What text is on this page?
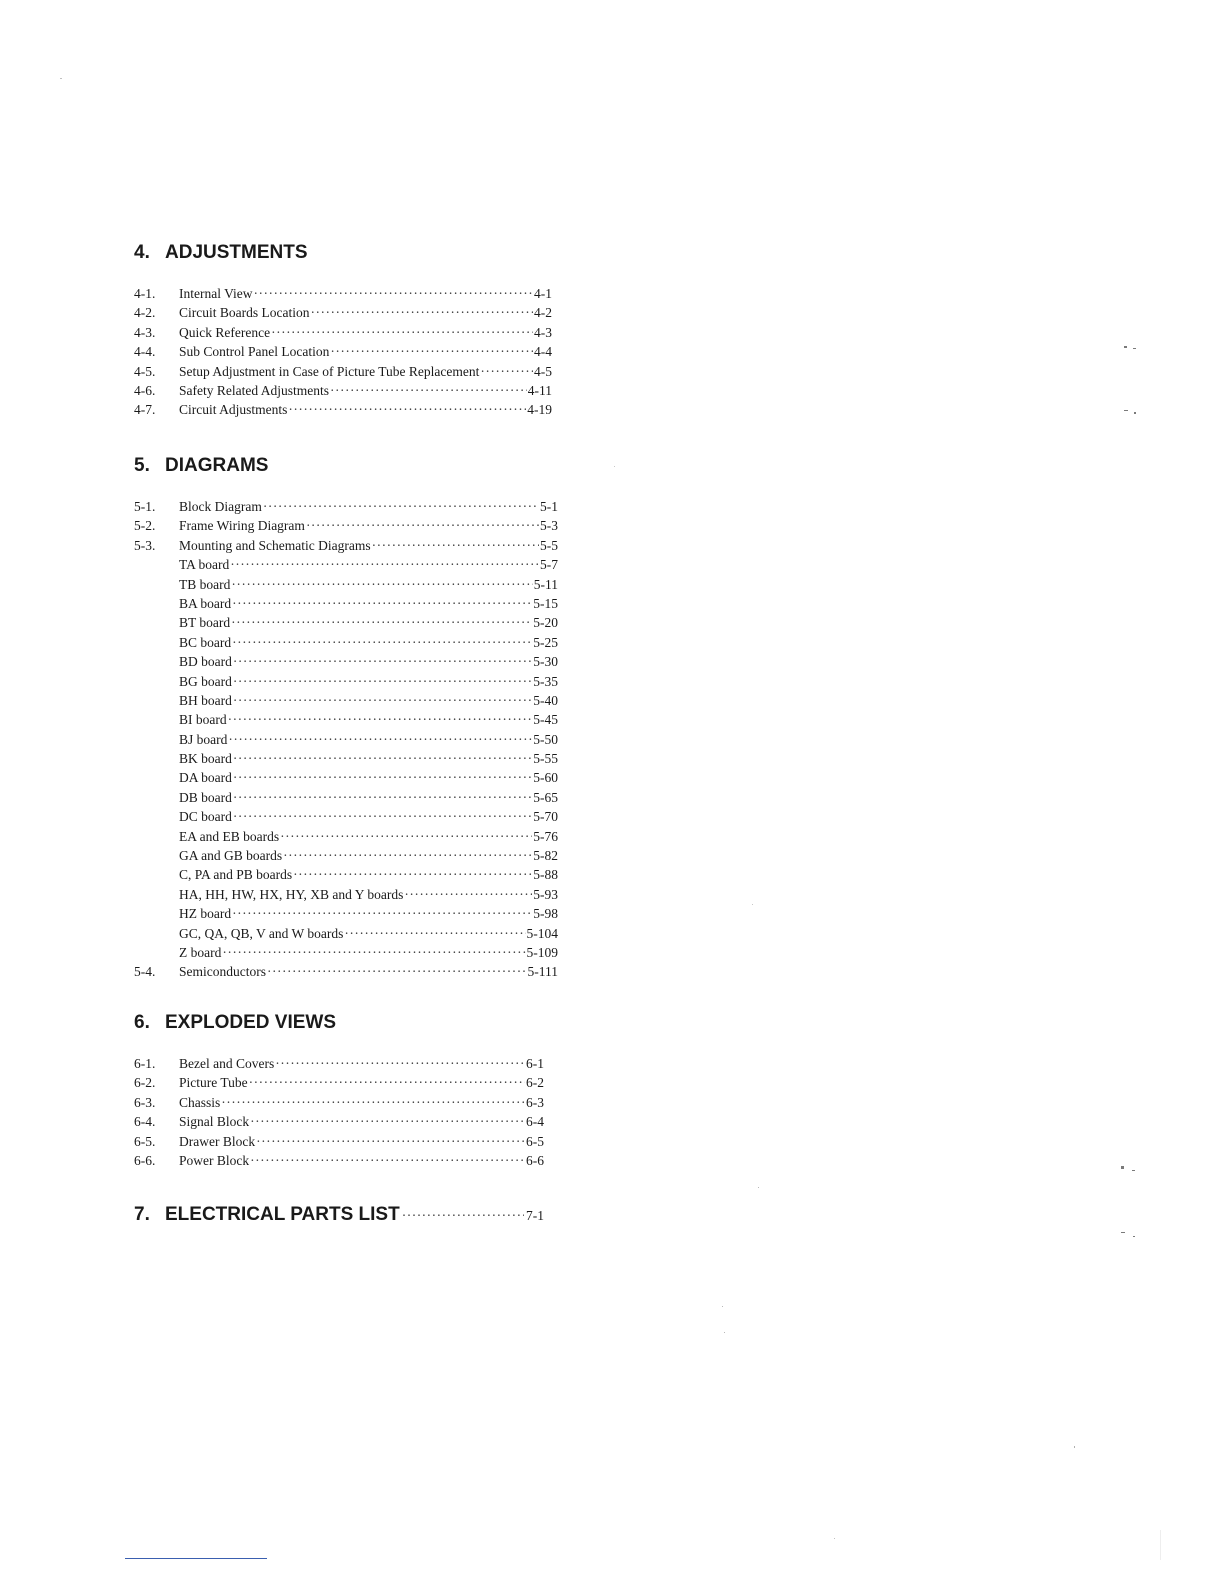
4. ADJUSTMENTS
4-1.	Internal View ·····	4-1
4-2.	Circuit Boards Location ·····	4-2
4-3.	Quick Reference ·····	4-3
4-4.	Sub Control Panel Location ·····	4-4
4-5.	Setup Adjustment in Case of Picture Tube Replacement ·····	4-5
4-6.	Safety Related Adjustments ·····	4-11
4-7.	Circuit Adjustments ·····	4-19
5. DIAGRAMS
5-1.	Block Diagram ·····	5-1
5-2.	Frame Wiring Diagram ·····	5-3
5-3.	Mounting and Schematic Diagrams ·····	5-5
TA board ·····	5-7
TB board ·····	5-11
BA board ·····	5-15
BT board ·····	5-20
BC board ·····	5-25
BD board ·····	5-30
BG board ·····	5-35
BH board ·····	5-40
BI board ·····	5-45
BJ board ·····	5-50
BK board ·····	5-55
DA board ·····	5-60
DB board ·····	5-65
DC board ·····	5-70
EA and EB boards ·····	5-76
GA and GB boards ·····	5-82
C, PA and PB boards ·····	5-88
HA, HH, HW, HX, HY, XB and Y boards ·····	5-93
HZ board ·····	5-98
GC, QA, QB, V and W boards ·····	5-104
Z board ·····	5-109
5-4.	Semiconductors ·····	5-111
6. EXPLODED VIEWS
6-1.	Bezel and Covers ·····	6-1
6-2.	Picture Tube ·····	6-2
6-3.	Chassis ·····	6-3
6-4.	Signal Block ·····	6-4
6-5.	Drawer Block ·····	6-5
6-6.	Power Block ·····	6-6
7. ELECTRICAL PARTS LIST ·····	7-1
